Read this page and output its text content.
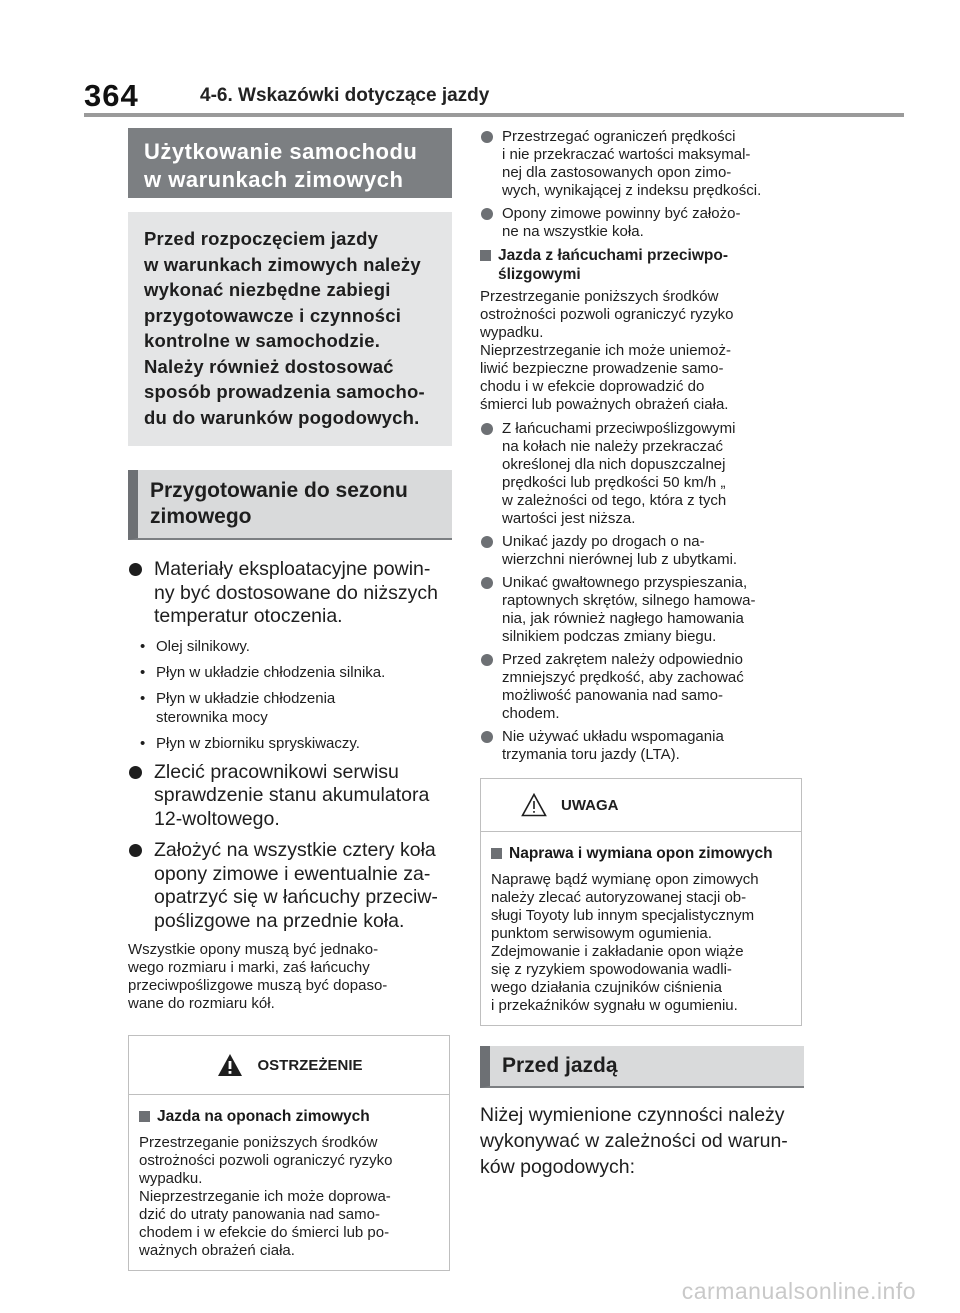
364	4-6. Wskazówki dotyczące jazdy
Użytkowanie samochodu
w warunkach zimowych
Przed rozpoczęciem jazdy
w warunkach zimowych należy
wykonać niezbędne zabiegi
przygotowawcze i czynności
kontrolne w samochodzie.
Należy również dostosować
sposób prowadzenia samocho-
du do warunków pogodowych.
Przygotowanie do sezonu
zimowego
Materiały eksploatacyjne powin-
ny być dostosowane do niższych
temperatur otoczenia.
• Olej silnikowy.
• Płyn w układzie chłodzenia silnika.
• Płyn w układzie chłodzenia
sterownika mocy
• Płyn w zbiorniku spryskiwaczy.
Zlecić pracownikowi serwisu
sprawdzenie stanu akumulatora
12-woltowego.
Założyć na wszystkie cztery koła
opony zimowe i ewentualnie za-
opatrzyć się w łańcuchy przeciw-
poślizgowe na przednie koła.
Wszystkie opony muszą być jednako-
wego rozmiaru i marki, zaś łańcuchy
przeciwpoślizgowe muszą być dopaso-
wane do rozmiaru kół.
OSTRZEŻENIE
Jazda na oponach zimowych
Przestrzeganie poniższych środków
ostrożności pozwoli ograniczyć ryzyko
wypadku.
Nieprzestrzeganie ich może doprowa-
dzić do utraty panowania nad samo-
chodem i w efekcie do śmierci lub po-
ważnych obrażeń ciała.
Przestrzegać ograniczeń prędkości
i nie przekraczać wartości maksymal-
nej dla zastosowanych opon zimo-
wych, wynikającej z indeksu prędkości.
Opony zimowe powinny być założo-
ne na wszystkie koła.
Jazda z łańcuchami przeciwpo-
ślizgowymi
Przestrzeganie poniższych środków
ostrożności pozwoli ograniczyć ryzyko
wypadku.
Nieprzestrzeganie ich może uniemoż-
liwić bezpieczne prowadzenie samo-
chodu i w efekcie doprowadzić do
śmierci lub poważnych obrażeń ciała.
Z łańcuchami przeciwpoślizgowymi
na kołach nie należy przekraczać
określonej dla nich dopuszczalnej
prędkości lub prędkości 50 km/h „
w zależności od tego, która z tych
wartości jest niższa.
Unikać jazdy po drogach o na-
wierzchni nierównej lub z ubytkami.
Unikać gwałtownego przyspieszania,
raptownych skrętów, silnego hamowa-
nia, jak również nagłego hamowania
silnikiem podczas zmiany biegu.
Przed zakrętem należy odpowiednio
zmniejszyć prędkość, aby zachować
możliwość panowania nad samo-
chodem.
Nie używać układu wspomagania
trzymania toru jazdy (LTA).
UWAGA
Naprawa i wymiana opon zimowych
Naprawę bądź wymianę opon zimowych
należy zlecać autoryzowanej stacji ob-
sługi Toyoty lub innym specjalistycznym
punktom serwisowym ogumienia.
Zdejmowanie i zakładanie opon wiąże
się z ryzykiem spowodowania wadli-
wego działania czujników ciśnienia
i przekaźników sygnału w ogumieniu.
Przed jazdą
Niżej wymienione czynności należy
wykonywać w zależności od warun-
ków pogodowych:
carmanualsonline.info
